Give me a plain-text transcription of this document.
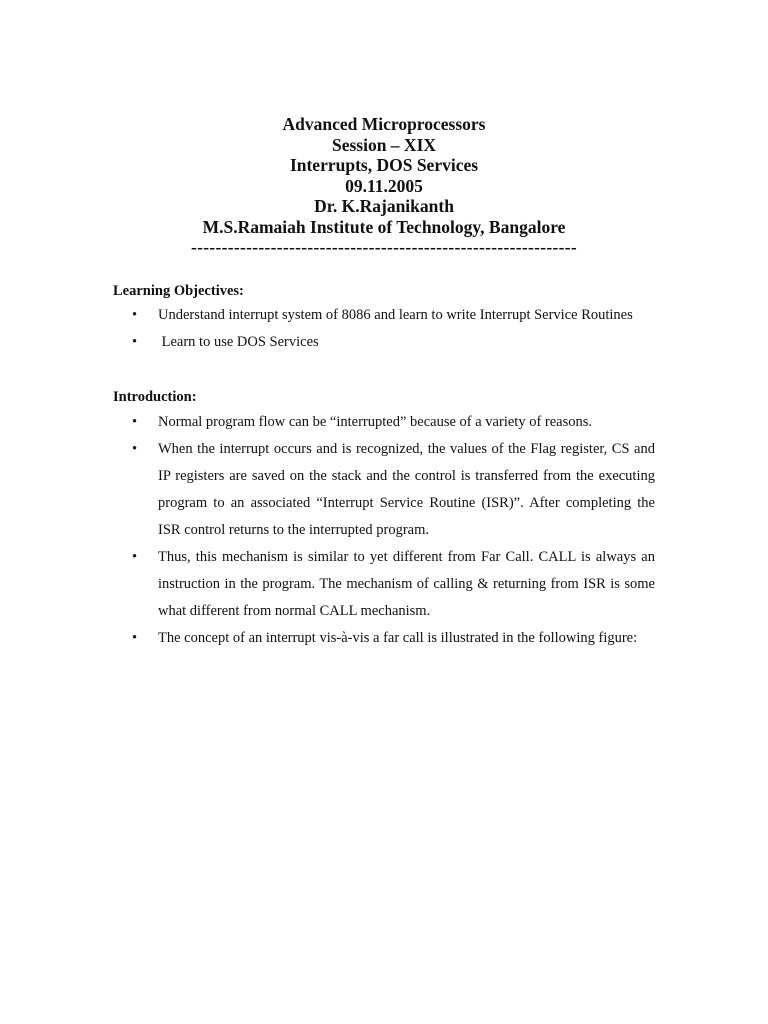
Advanced Microprocessors
Session – XIX
Interrupts, DOS Services
09.11.2005
Dr. K.Rajanikanth
M.S.Ramaiah Institute of Technology, Bangalore
---------------------------------------------------------------
Learning Objectives:
• Understand interrupt system of 8086 and learn to write Interrupt Service Routines
• Learn to use DOS Services
Introduction:
• Normal program flow can be “interrupted” because of a variety of reasons.
• When the interrupt occurs and is recognized, the values of the Flag register, CS and IP registers are saved on the stack and the control is transferred from the executing program to an associated “Interrupt Service Routine (ISR)”. After completing the ISR control returns to the interrupted program.
• Thus, this mechanism is similar to yet different from Far Call. CALL is always an instruction in the program. The mechanism of calling & returning from ISR is some what different from normal CALL mechanism.
• The concept of an interrupt vis-à-vis a far call is illustrated in the following figure:
